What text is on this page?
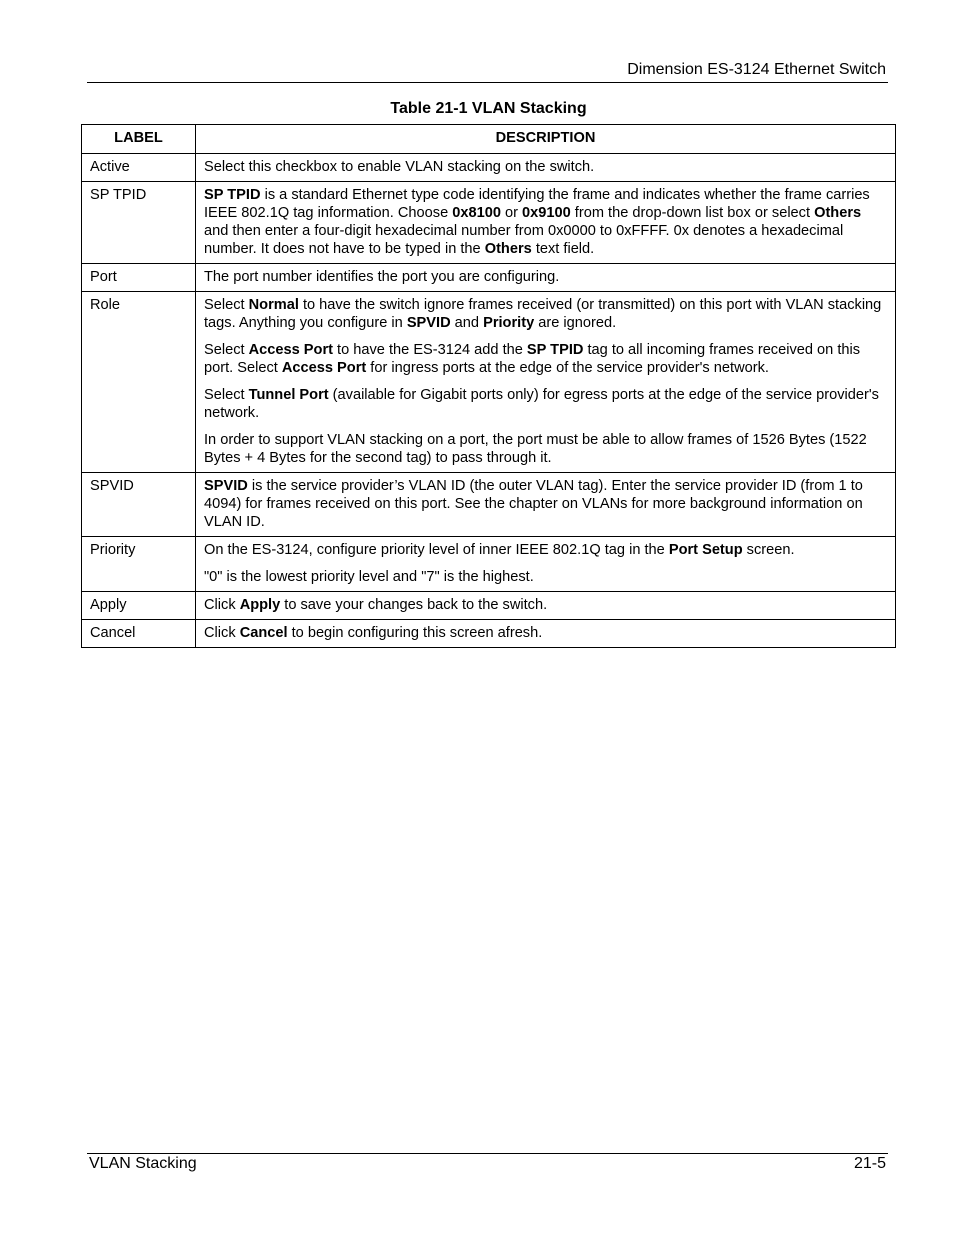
Dimension ES-3124 Ethernet Switch
Table 21-1 VLAN Stacking
LABEL	DESCRIPTION
Active	Select this checkbox to enable VLAN stacking on the switch.

SP TPID	SP TPID is a standard Ethernet type code identifying the frame and indicates whether the frame carries IEEE 802.1Q tag information. Choose 0x8100 or 0x9100 from the drop-down list box or select Others and then enter a four-digit hexadecimal number from 0x0000 to 0xFFFF. 0x denotes a hexadecimal number. It does not have to be typed in the Others text field.

Port	The port number identifies the port you are configuring.

Role	Select Normal to have the switch ignore frames received (or transmitted) on this port with VLAN stacking tags. Anything you configure in SPVID and Priority are ignored.

Select Access Port to have the ES-3124 add the SP TPID tag to all incoming frames received on this port. Select Access Port for ingress ports at the edge of the service provider's network.

Select Tunnel Port (available for Gigabit ports only) for egress ports at the edge of the service provider's network.

In order to support VLAN stacking on a port, the port must be able to allow frames of 1526 Bytes (1522 Bytes + 4 Bytes for the second tag) to pass through it.

SPVID	SPVID is the service provider’s VLAN ID (the outer VLAN tag). Enter the service provider ID (from 1 to 4094) for frames received on this port. See the chapter on VLANs for more background information on VLAN ID.

Priority	On the ES-3124, configure priority level of inner IEEE 802.1Q tag in the Port Setup screen.

"0" is the lowest priority level and "7" is the highest.

Apply	Click Apply to save your changes back to the switch.

Cancel	Click Cancel to begin configuring this screen afresh.

VLAN Stacking	21-5
